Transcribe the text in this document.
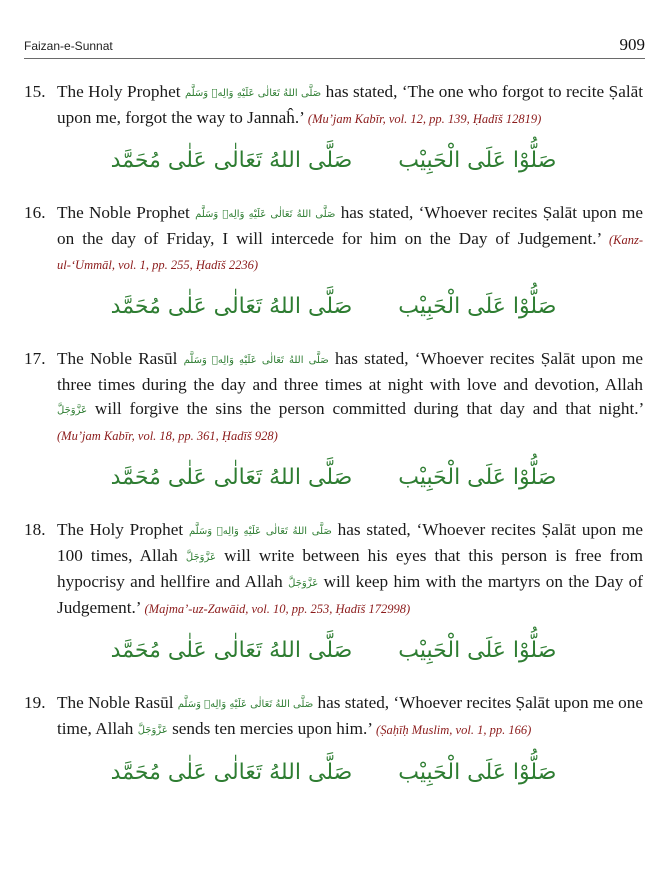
Faizan-e-Sunnat	909

15. The Holy Prophet صَلَّى اللهُ تَعَالٰى عَلَيْهِ وَالِهٖ وَسَلَّم has stated, ‘The one who forgot to recite Ṣalāt upon me, forgot the way to Jannaĥ.’ (Mu’jam Kabīr, vol. 12, pp. 139, Ḥadīš 12819)

صَلُّوْا عَلَى الْحَبِيْب
صَلَّى اللهُ تَعَالٰى عَلٰى مُحَمَّد

16. The Noble Prophet صَلَّى اللهُ تَعَالٰى عَلَيْهِ وَالِهٖ وَسَلَّم has stated, ‘Whoever recites Ṣalāt upon me on the day of Friday, I will intercede for him on the Day of Judgement.’ (Kanz-ul-‘Ummāl, vol. 1, pp. 255, Ḥadīš 2236)

صَلُّوْا عَلَى الْحَبِيْب
صَلَّى اللهُ تَعَالٰى عَلٰى مُحَمَّد

17. The Noble Rasūl صَلَّى اللهُ تَعَالٰى عَلَيْهِ وَالِهٖ وَسَلَّم has stated, ‘Whoever recites Ṣalāt upon me three times during the day and three times at night with love and devotion, Allah عَزَّوَجَلَّ will forgive the sins the person committed during that day and that night.’ (Mu’jam Kabīr, vol. 18, pp. 361, Ḥadīš 928)

صَلُّوْا عَلَى الْحَبِيْب
صَلَّى اللهُ تَعَالٰى عَلٰى مُحَمَّد

18. The Holy Prophet صَلَّى اللهُ تَعَالٰى عَلَيْهِ وَالِهٖ وَسَلَّم has stated, ‘Whoever recites Ṣalāt upon me 100 times, Allah عَزَّوَجَلَّ will write between his eyes that this person is free from hypocrisy and hellfire and Allah عَزَّوَجَلَّ will keep him with the martyrs on the Day of Judgement.’ (Majma’-uz-Zawāid, vol. 10, pp. 253, Ḥadīš 172998)

صَلُّوْا عَلَى الْحَبِيْب
صَلَّى اللهُ تَعَالٰى عَلٰى مُحَمَّد

19. The Noble Rasūl صَلَّى اللهُ تَعَالٰى عَلَيْهِ وَالِهٖ وَسَلَّم has stated, ‘Whoever recites Ṣalāt upon me one time, Allah عَزَّوَجَلَّ sends ten mercies upon him.’ (Ṣaḥīḥ Muslim, vol. 1, pp. 166)

صَلُّوْا عَلَى الْحَبِيْب
صَلَّى اللهُ تَعَالٰى عَلٰى مُحَمَّد
